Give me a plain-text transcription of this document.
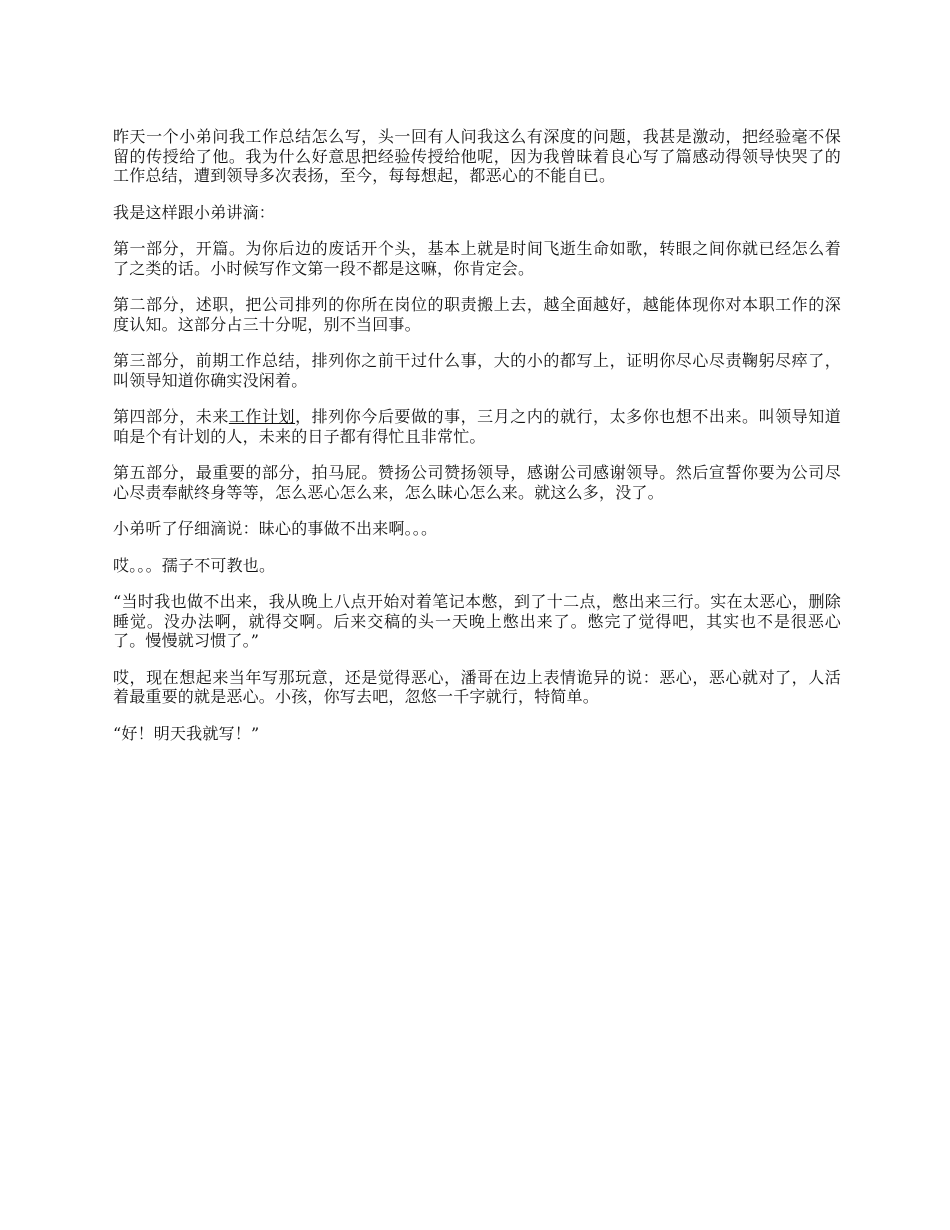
昨天一个小弟问我工作总结怎么写，头一回有人问我这么有深度的问题，我甚是激动，把经验毫不保留的传授给了他。我为什么好意思把经验传授给他呢，因为我曾昧着良心写了篇感动得领导快哭了的工作总结，遭到领导多次表扬，至今，每每想起，都恶心的不能自已。

我是这样跟小弟讲滴：

第一部分，开篇。为你后边的废话开个头，基本上就是时间飞逝生命如歌，转眼之间你就已经怎么着了之类的话。小时候写作文第一段不都是这嘛，你肯定会。

第二部分，述职，把公司排列的你所在岗位的职责搬上去，越全面越好，越能体现你对本职工作的深度认知。这部分占三十分呢，别不当回事。

第三部分，前期工作总结，排列你之前干过什么事，大的小的都写上，证明你尽心尽责鞠躬尽瘁了，叫领导知道你确实没闲着。

第四部分，未来工作计划，排列你今后要做的事，三月之内的就行，太多你也想不出来。叫领导知道咱是个有计划的人，未来的日子都有得忙且非常忙。

第五部分，最重要的部分，拍马屁。赞扬公司赞扬领导，感谢公司感谢领导。然后宣誓你要为公司尽心尽责奉献终身等等，怎么恶心怎么来，怎么昧心怎么来。就这么多，没了。

小弟听了仔细滴说：昧心的事做不出来啊。。。

哎。。。孺子不可教也。

“当时我也做不出来，我从晚上八点开始对着笔记本憋，到了十二点，憋出来三行。实在太恶心，删除睡觉。没办法啊，就得交啊。后来交稿的头一天晚上憋出来了。憋完了觉得吧，其实也不是很恶心了。慢慢就习惯了。”

哎，现在想起来当年写那玩意，还是觉得恶心，潘哥在边上表情诡异的说：恶心，恶心就对了，人活着最重要的就是恶心。小孩，你写去吧，忽悠一千字就行，特简单。

“好！明天我就写！”
